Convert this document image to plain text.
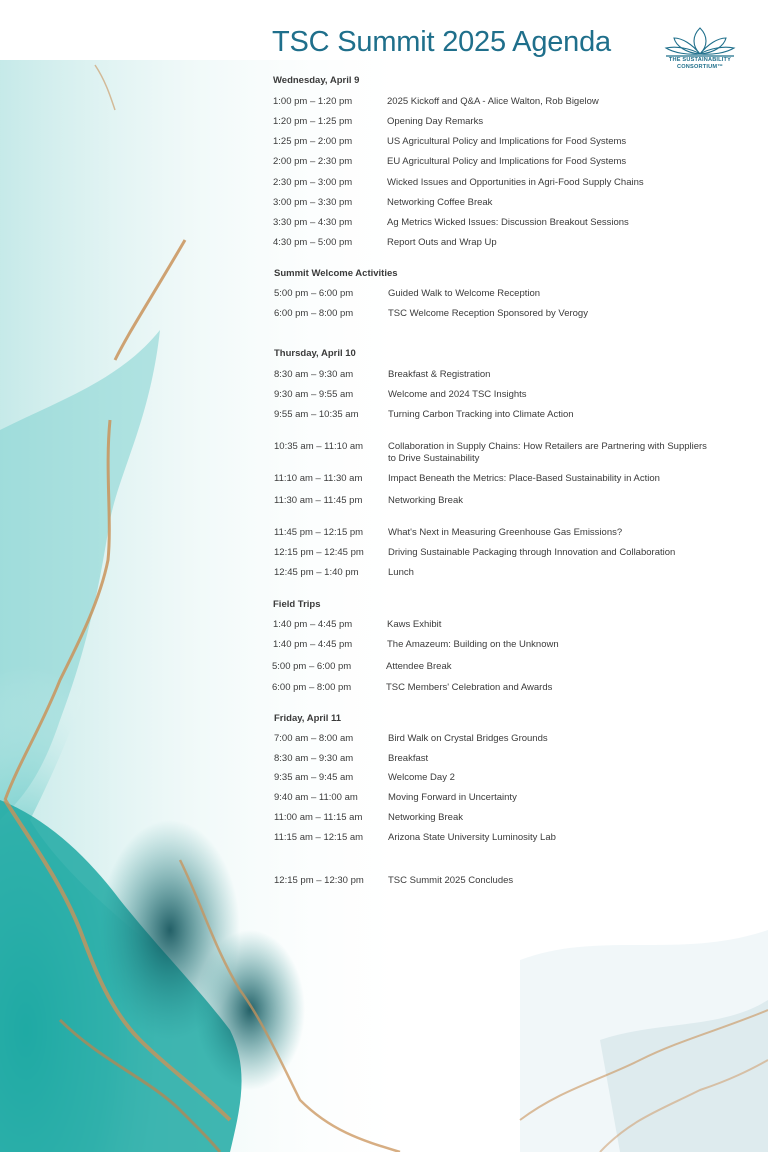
TSC Summit 2025 Agenda
THE SUSTAINABILITY
CONSORTIUM™
Wednesday, April 9
1:00 pm – 1:20 pm	2025 Kickoff and Q&A - Alice Walton, Rob Bigelow
1:20 pm – 1:25 pm	Opening Day Remarks
1:25 pm – 2:00 pm	US Agricultural Policy and Implications for Food Systems
2:00 pm – 2:30 pm	EU Agricultural Policy and Implications for Food Systems
2:30 pm – 3:00 pm	Wicked Issues and Opportunities in Agri-Food Supply Chains
3:00 pm – 3:30 pm	Networking Coffee Break
3:30 pm – 4:30 pm	Ag Metrics Wicked Issues: Discussion Breakout Sessions
4:30 pm – 5:00 pm	Report Outs and Wrap Up
Summit Welcome Activities
5:00 pm – 6:00 pm	Guided Walk to Welcome Reception
6:00 pm – 8:00 pm	TSC Welcome Reception Sponsored by Verogy
Thursday, April 10
8:30 am – 9:30 am	Breakfast & Registration
9:30 am – 9:55 am	Welcome and 2024 TSC Insights
9:55 am – 10:35 am	Turning Carbon Tracking into Climate Action
10:35 am – 11:10 am	Collaboration in Supply Chains: How Retailers are Partnering with Suppliers to Drive Sustainability
11:10 am – 11:30 am	Impact Beneath the Metrics: Place-Based Sustainability in Action
11:30 am – 11:45 pm	Networking Break
11:45 pm – 12:15 pm	What's Next in Measuring Greenhouse Gas Emissions?
12:15 pm – 12:45 pm	Driving Sustainable Packaging through Innovation and Collaboration
12:45 pm – 1:40 pm	Lunch
Field Trips
1:40 pm – 4:45 pm	Kaws Exhibit
1:40 pm – 4:45 pm	The Amazeum: Building on the Unknown
5:00 pm – 6:00 pm	Attendee Break
6:00 pm – 8:00 pm	TSC Members' Celebration and Awards
Friday, April 11
7:00 am – 8:00 am	Bird Walk on Crystal Bridges Grounds
8:30 am – 9:30 am	Breakfast
9:35 am – 9:45 am	Welcome Day 2
9:40 am – 11:00 am	Moving Forward in Uncertainty
11:00 am – 11:15 am	Networking Break
11:15 am – 12:15 am	Arizona State University Luminosity Lab
12:15 pm – 12:30 pm	TSC Summit 2025 Concludes
